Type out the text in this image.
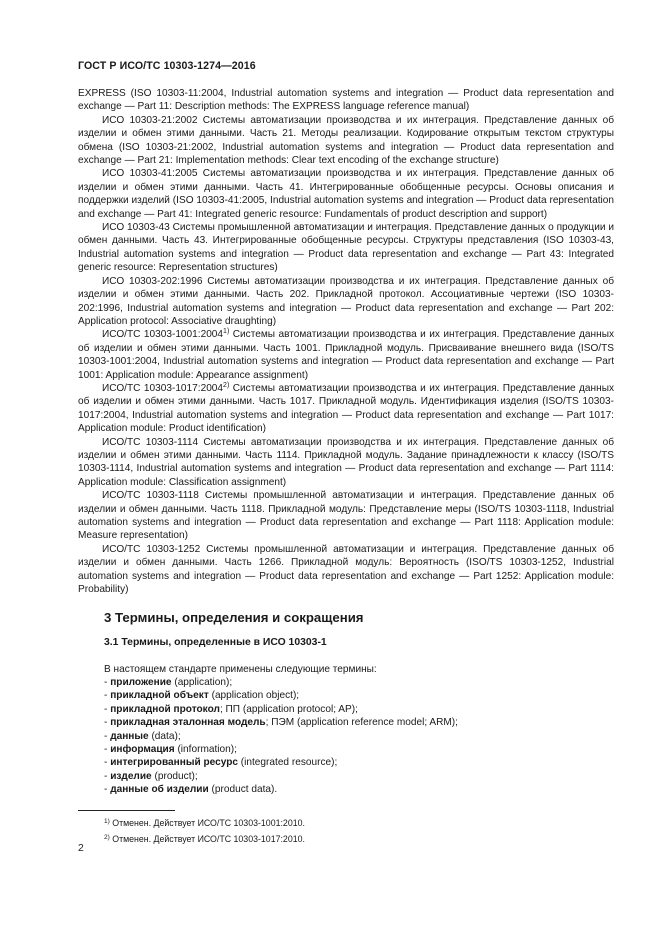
ГОСТ Р ИСО/ТС 10303-1274—2016

EXPRESS (ISO 10303-11:2004, Industrial automation systems and integration — Product data representation and exchange — Part 11: Description methods: The EXPRESS language reference manual)

ИСО 10303-21:2002 Системы автоматизации производства и их интеграция. Представление данных об изделии и обмен этими данными. Часть 21. Методы реализации. Кодирование открытым текстом структуры обмена (ISO 10303-21:2002, Industrial automation systems and integration — Product data representation and exchange — Part 21: Implementation methods: Clear text encoding of the exchange structure)

ИСО 10303-41:2005 Системы автоматизации производства и их интеграция. Представление данных об изделии и обмен этими данными. Часть 41. Интегрированные обобщенные ресурсы. Основы описания и поддержки изделий (ISO 10303-41:2005, Industrial automation systems and integration — Product data representation and exchange — Part 41: Integrated generic resource: Fundamentals of product description and support)

ИСО 10303-43 Системы промышленной автоматизации и интеграция. Представление данных о продукции и обмен данными. Часть 43. Интегрированные обобщенные ресурсы. Структуры представления (ISO 10303-43, Industrial automation systems and integration — Product data representation and exchange — Part 43: Integrated generic resource: Representation structures)

ИСО 10303-202:1996 Системы автоматизации производства и их интеграция. Представление данных об изделии и обмен этими данными. Часть 202. Прикладной протокол. Ассоциативные чертежи (ISO 10303-202:1996, Industrial automation systems and integration — Product data representation and exchange — Part 202: Application protocol: Associative draughting)

ИСО/ТС 10303-1001:2004$^{1)}$ Системы автоматизации производства и их интеграция. Представление данных об изделии и обмен этими данными. Часть 1001. Прикладной модуль. Присваивание внешнего вида (ISO/TS 10303-1001:2004, Industrial automation systems and integration — Product data representation and exchange — Part 1001: Application module: Appearance assignment)

ИСО/ТС 10303-1017:2004$^{2)}$ Системы автоматизации производства и их интеграция. Представление данных об изделии и обмен этими данными. Часть 1017. Прикладной модуль. Идентификация изделия (ISO/TS 10303-1017:2004, Industrial automation systems and integration — Product data representation and exchange — Part 1017: Application module: Product identification)

ИСО/ТС 10303-1114 Системы автоматизации производства и их интеграция. Представление данных об изделии и обмен этими данными. Часть 1114. Прикладной модуль. Задание принадлежности к классу (ISO/TS 10303-1114, Industrial automation systems and integration — Product data representation and exchange — Part 1114: Application module: Classification assignment)

ИСО/ТС 10303-1118 Системы промышленной автоматизации и интеграция. Представление данных об изделии и обмен данными. Часть 1118. Прикладной модуль: Представление меры (ISO/TS 10303-1118, Industrial automation systems and integration — Product data representation and exchange — Part 1118: Application module: Measure representation)

ИСО/ТС 10303-1252 Системы промышленной автоматизации и интеграция. Представление данных об изделии и обмен данными. Часть 1266. Прикладной модуль: Вероятность (ISO/TS 10303-1252, Industrial automation systems and integration — Product data representation and exchange — Part 1252: Application module: Probability)

3 Термины, определения и сокращения
3.1 Термины, определенные в ИСО 10303-1
В настоящем стандарте применены следующие термины:
- приложение (application);
- прикладной объект (application object);
- прикладной протокол; ПП (application protocol; AP);
- прикладная эталонная модель; ПЭМ (application reference model; ARM);
- данные (data);
- информация (information);
- интегрированный ресурс (integrated resource);
- изделие (product);
- данные об изделии (product data).
$^{1)}$ Отменен. Действует ИСО/ТС 10303-1001:2010.
$^{2)}$ Отменен. Действует ИСО/ТС 10303-1017:2010.
2
